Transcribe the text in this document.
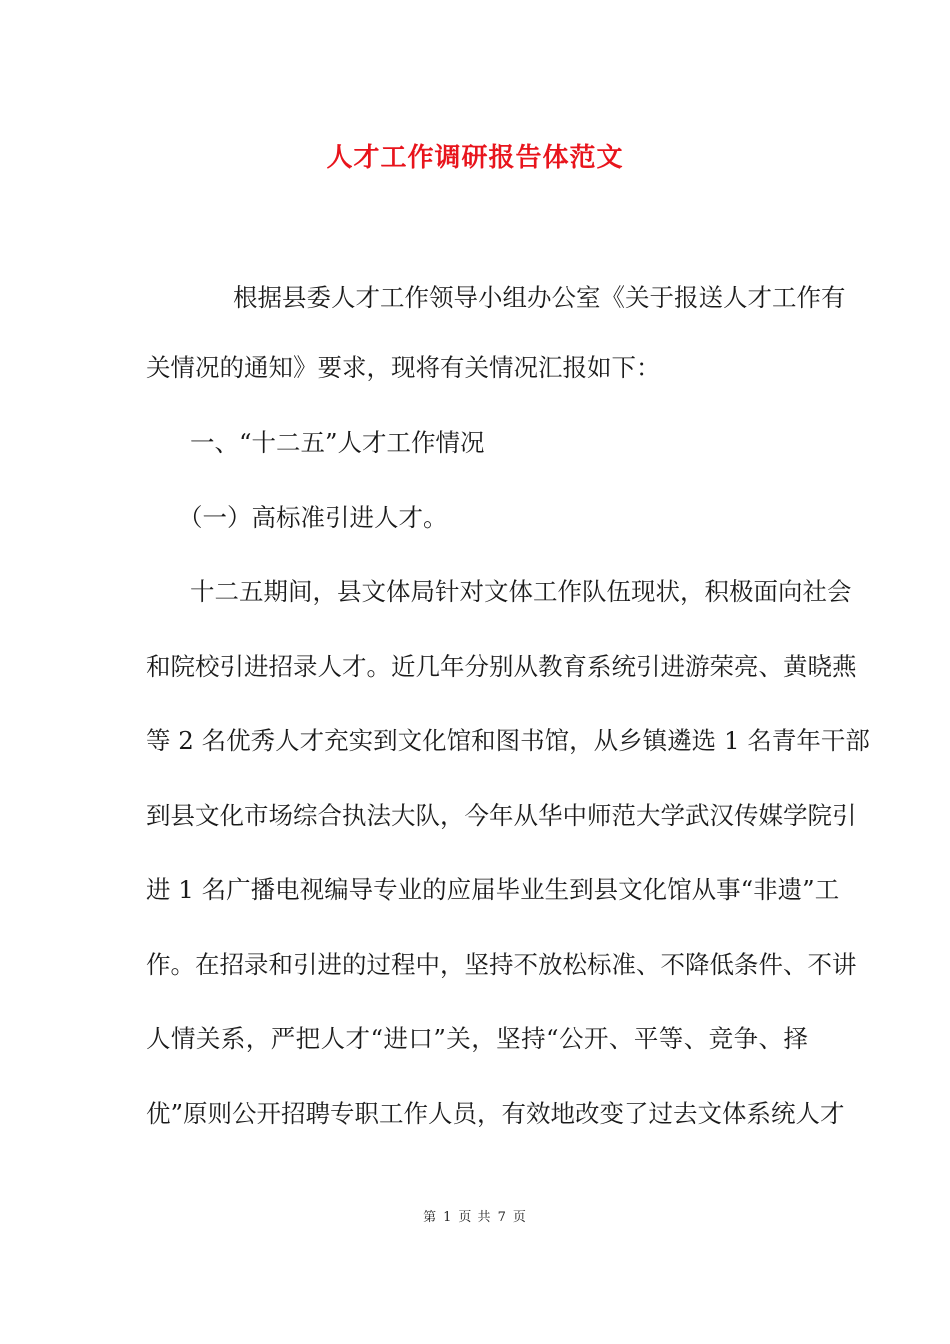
人才工作调研报告体范文
根据县委人才工作领导小组办公室《关于报送人才工作有
关情况的通知》要求，现将有关情况汇报如下：
一、“十二五”人才工作情况
（一）高标准引进人才。
十二五期间，县文体局针对文体工作队伍现状，积极面向社会
和院校引进招录人才。近几年分别从教育系统引进游荣亮、黄晓燕
等 2 名优秀人才充实到文化馆和图书馆，从乡镇遴选 1 名青年干部
到县文化市场综合执法大队，今年从华中师范大学武汉传媒学院引
进 1 名广播电视编导专业的应届毕业生到县文化馆从事“非遗”工
作。在招录和引进的过程中，坚持不放松标准、不降低条件、不讲
人情关系，严把人才“进口”关，坚持“公开、平等、竞争、择
优”原则公开招聘专职工作人员，有效地改变了过去文体系统人才
第 1 页 共 7 页
